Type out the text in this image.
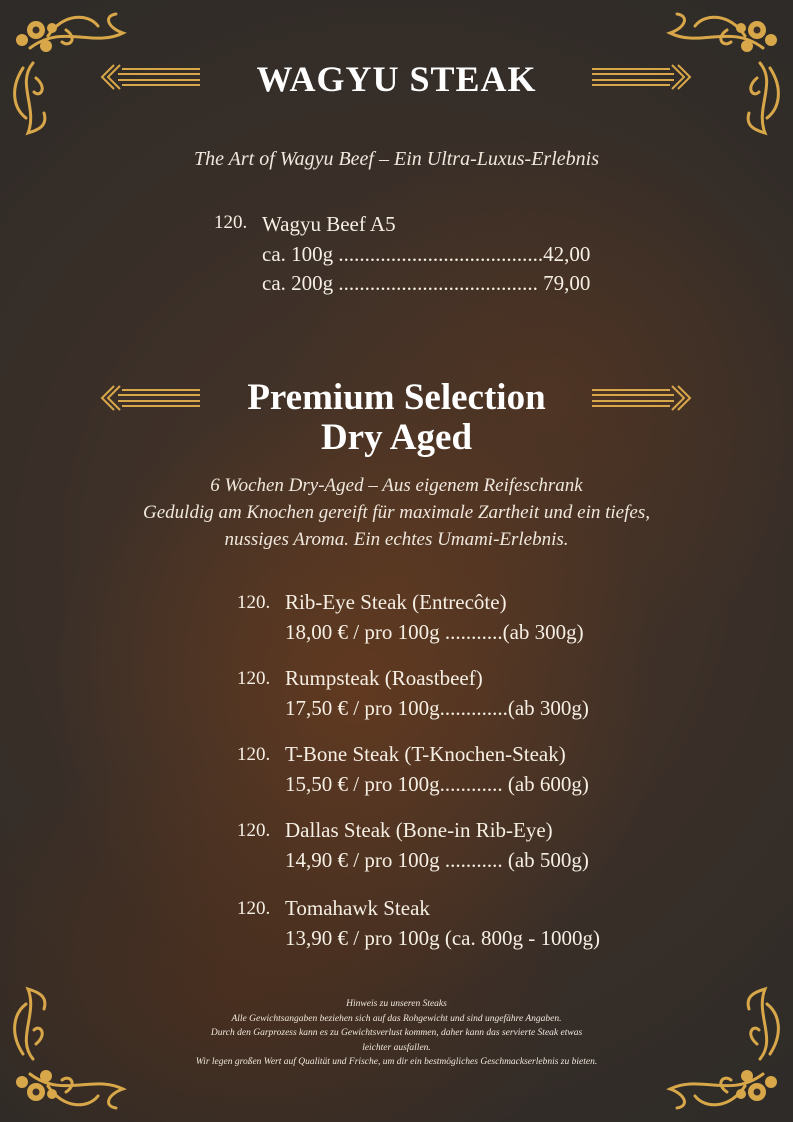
WAGYU STEAK
The Art of Wagyu Beef – Ein Ultra-Luxus-Erlebnis
120. Wagyu Beef A5
ca. 100g .......................................42,00
ca. 200g ...................................... 79,00
Premium Selection
Dry Aged
6 Wochen Dry-Aged – Aus eigenem Reifeschrank
Geduldig am Knochen gereift für maximale Zartheit und ein tiefes,
nussiges Aroma. Ein echtes Umami-Erlebnis.
120. Rib-Eye Steak (Entrecôte)
18,00 € / pro 100g ...........(ab 300g)
120. Rumpsteak (Roastbeef)
17,50 € / pro 100g.............(ab 300g)
120. T-Bone Steak (T-Knochen-Steak)
15,50 € / pro 100g............ (ab 600g)
120. Dallas Steak (Bone-in Rib-Eye)
14,90 € / pro 100g ........... (ab 500g)
120. Tomahawk Steak
13,90 € / pro 100g (ca. 800g - 1000g)
Hinweis zu unseren Steaks
Alle Gewichtsangaben beziehen sich auf das Rohgewicht und sind ungefähre Angaben.
Durch den Garprozess kann es zu Gewichtsverlust kommen, daher kann das servierte Steak etwas
leichter ausfallen.
Wir legen großen Wert auf Qualität und Frische, um dir ein bestmögliches Geschmackserlebnis zu bieten.
